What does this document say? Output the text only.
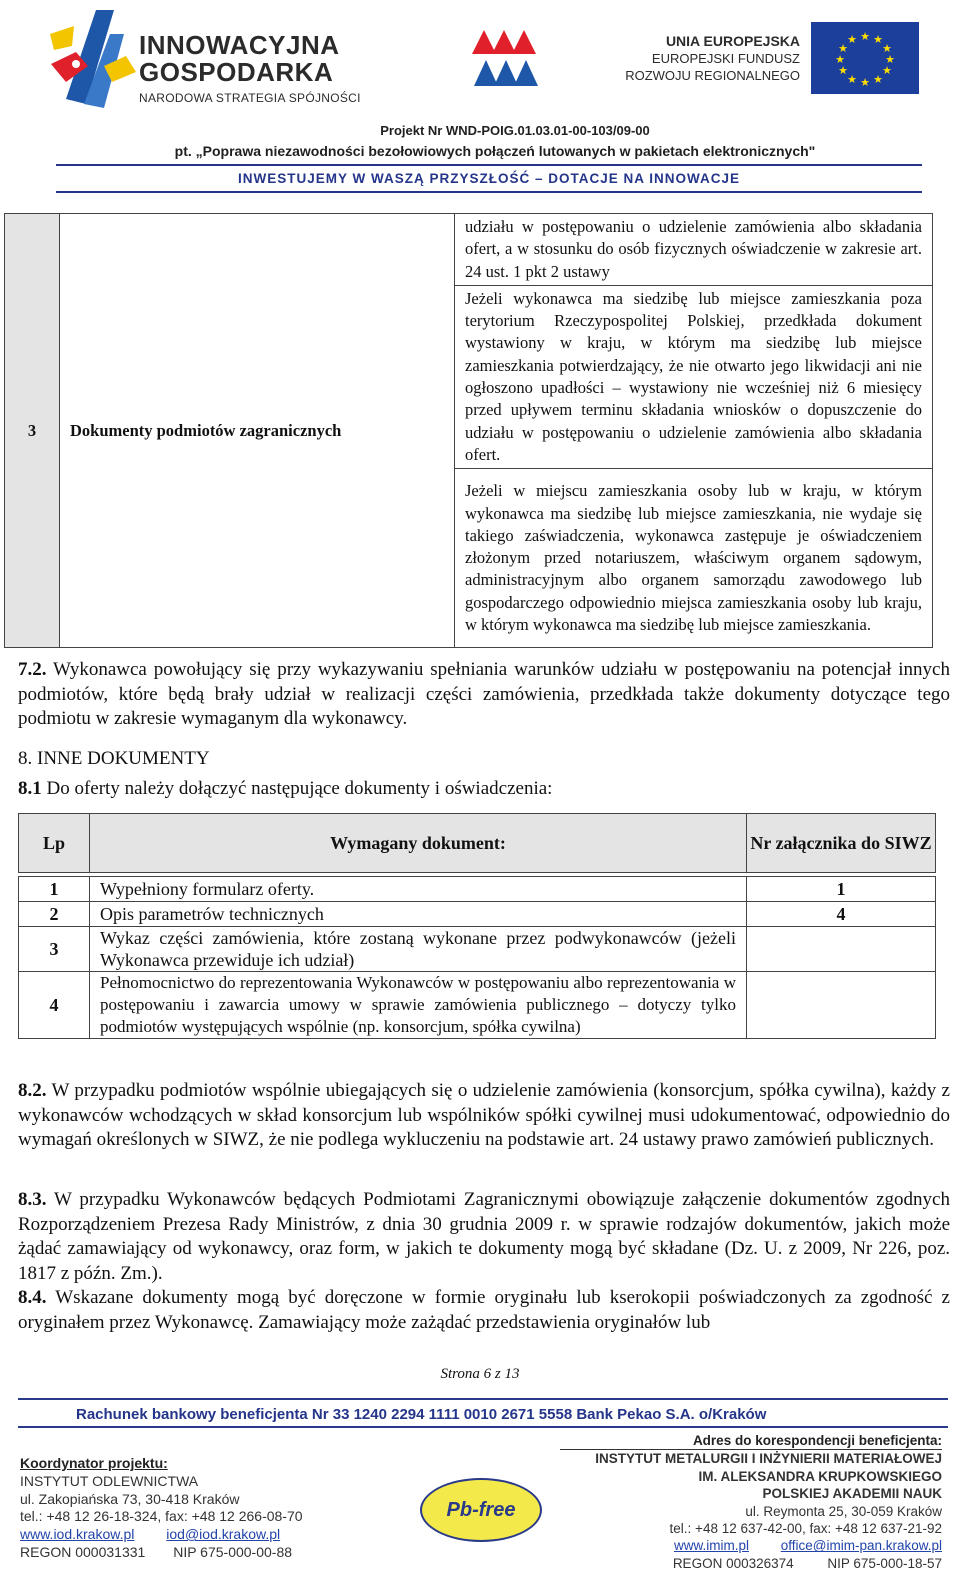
INNOWACYJNA
GOSPODARKA
NARODOWA STRATEGIA SPÓJNOŚCI
UNIA EUROPEJSKA
EUROPEJSKI FUNDUSZ
ROZWOJU REGIONALNEGO
★ ★
★
★
★
★
★
★
★
★
★
★
Projekt Nr WND-POIG.01.03.01-00-103/09-00
pt. „Poprawa niezawodności bezołowiowych połączeń lutowanych w pakietach elektronicznych"
INWESTUJEMY W WASZĄ PRZYSZŁOŚĆ – DOTACJE NA INNOWACJE
3	Dokumenty podmiotów zagranicznych	udziału w postępowaniu o udzielenie zamówienia albo składania ofert, a w stosunku do osób fizycznych oświadczenie w zakresie art. 24 ust. 1 pkt 2 ustawy
Jeżeli wykonawca ma siedzibę lub miejsce zamieszkania poza terytorium Rzeczypospolitej Polskiej, przedkłada dokument wystawiony w kraju, w którym ma siedzibę lub miejsce zamieszkania potwierdzający, że nie otwarto jego likwidacji ani nie ogłoszono upadłości – wystawiony nie wcześniej niż 6 miesięcy przed upływem terminu składania wniosków o dopuszczenie do udziału w postępowaniu o udzielenie zamówienia albo składania ofert.
Jeżeli w miejscu zamieszkania osoby lub w kraju, w którym wykonawca ma siedzibę lub miejsce zamieszkania, nie wydaje się takiego zaświadczenia, wykonawca zastępuje je oświadczeniem złożonym przed notariuszem, właściwym organem sądowym, administracyjnym albo organem samorządu zawodowego lub gospodarczego odpowiednio miejsca zamieszkania osoby lub kraju, w którym wykonawca ma siedzibę lub miejsce zamieszkania.
7.2. Wykonawca powołujący się przy wykazywaniu spełniania warunków udziału w postępowaniu na potencjał innych podmiotów, które będą brały udział w realizacji części zamówienia, przedkłada także dokumenty dotyczące tego podmiotu w zakresie wymaganym dla wykonawcy.
8. INNE DOKUMENTY
8.1 Do oferty należy dołączyć następujące dokumenty i oświadczenia:
Lp	Wymagany dokument:	Nr załącznika do SIWZ

1	Wypełniony formularz oferty.	1
2	Opis parametrów technicznych	4
3	Wykaz części zamówienia, które zostaną wykonane przez podwykonawców (jeżeli Wykonawca przewiduje ich udział)	
4	Pełnomocnictwo do reprezentowania Wykonawców w postępowaniu albo reprezentowania w postępowaniu i zawarcia umowy w sprawie zamówienia publicznego – dotyczy tylko podmiotów występujących wspólnie (np. konsorcjum, spółka cywilna)	
8.2. W przypadku podmiotów wspólnie ubiegających się o udzielenie zamówienia (konsorcjum, spółka cywilna), każdy z wykonawców wchodzących w skład konsorcjum lub wspólników spółki cywilnej musi udokumentować, odpowiednio do wymagań określonych w SIWZ, że nie podlega wykluczeniu na podstawie art. 24 ustawy prawo zamówień publicznych.
8.3. W przypadku Wykonawców będących Podmiotami Zagranicznymi obowiązuje załączenie dokumentów zgodnych Rozporządzeniem Prezesa Rady Ministrów, z dnia 30 grudnia 2009 r. w sprawie rodzajów dokumentów, jakich może żądać zamawiający od wykonawcy, oraz form, w jakich te dokumenty mogą być składane (Dz. U. z 2009, Nr 226, poz. 1817 z późn. Zm.).
8.4. Wskazane dokumenty mogą być doręczone w formie oryginału lub kserokopii poświadczonych za zgodność z oryginałem przez Wykonawcę. Zamawiający może zażądać przedstawienia oryginałów lub
Strona 6 z 13
Rachunek bankowy beneficjenta Nr 33 1240 2294 1111 0010 2671 5558 Bank Pekao S.A. o/Kraków
Koordynator projektu:
INSTYTUT ODLEWNICTWA
ul. Zakopiańska 73, 30-418 Kraków
tel.: +48 12 26-18-324, fax: +48 12 266-08-70
www.iod.krakow.pl iod@iod.krakow.pl
REGON 000031331 NIP 675-000-00-88
Pb-free
Adres do korespondencji beneficjenta:
INSTYTUT METALURGII I INŻYNIERII MATERIAŁOWEJ
IM. ALEKSANDRA KRUPKOWSKIEGO
POLSKIEJ AKADEMII NAUK
ul. Reymonta 25, 30-059 Kraków
tel.: +48 12 637-42-00, fax: +48 12 637-21-92
www.imim.pl office@imim-pan.krakow.pl
REGON 000326374	NIP 675-000-18-57
